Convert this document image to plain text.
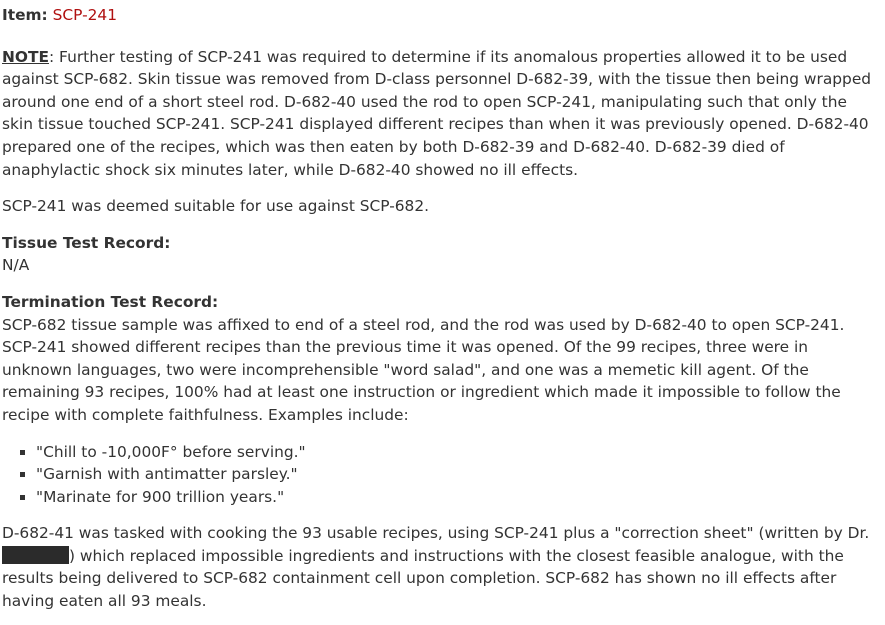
Item: SCP-241

NOTE: Further testing of SCP-241 was required to determine if its anomalous properties allowed it to be used against SCP-682. Skin tissue was removed from D-class personnel D-682-39, with the tissue then being wrapped around one end of a short steel rod. D-682-40 used the rod to open SCP-241, manipulating such that only the skin tissue touched SCP-241. SCP-241 displayed different recipes than when it was previously opened. D-682-40 prepared one of the recipes, which was then eaten by both D-682-39 and D-682-40. D-682-39 died of anaphylactic shock six minutes later, while D-682-40 showed no ill effects.

SCP-241 was deemed suitable for use against SCP-682.

Tissue Test Record:
N/A

Termination Test Record:
SCP-682 tissue sample was affixed to end of a steel rod, and the rod was used by D-682-40 to open SCP-241. SCP-241 showed different recipes than the previous time it was opened. Of the 99 recipes, three were in unknown languages, two were incomprehensible "word salad", and one was a memetic kill agent. Of the remaining 93 recipes, 100% had at least one instruction or ingredient which made it impossible to follow the recipe with complete faithfulness. Examples include:

"Chill to -10,000F° before serving."
"Garnish with antimatter parsley."
"Marinate for 900 trillion years."

D-682-41 was tasked with cooking the 93 usable recipes, using SCP-241 plus a "correction sheet" (written by Dr. ) which replaced impossible ingredients and instructions with the closest feasible analogue, with the results being delivered to SCP-682 containment cell upon completion. SCP-682 has shown no ill effects after having eaten all 93 meals.
